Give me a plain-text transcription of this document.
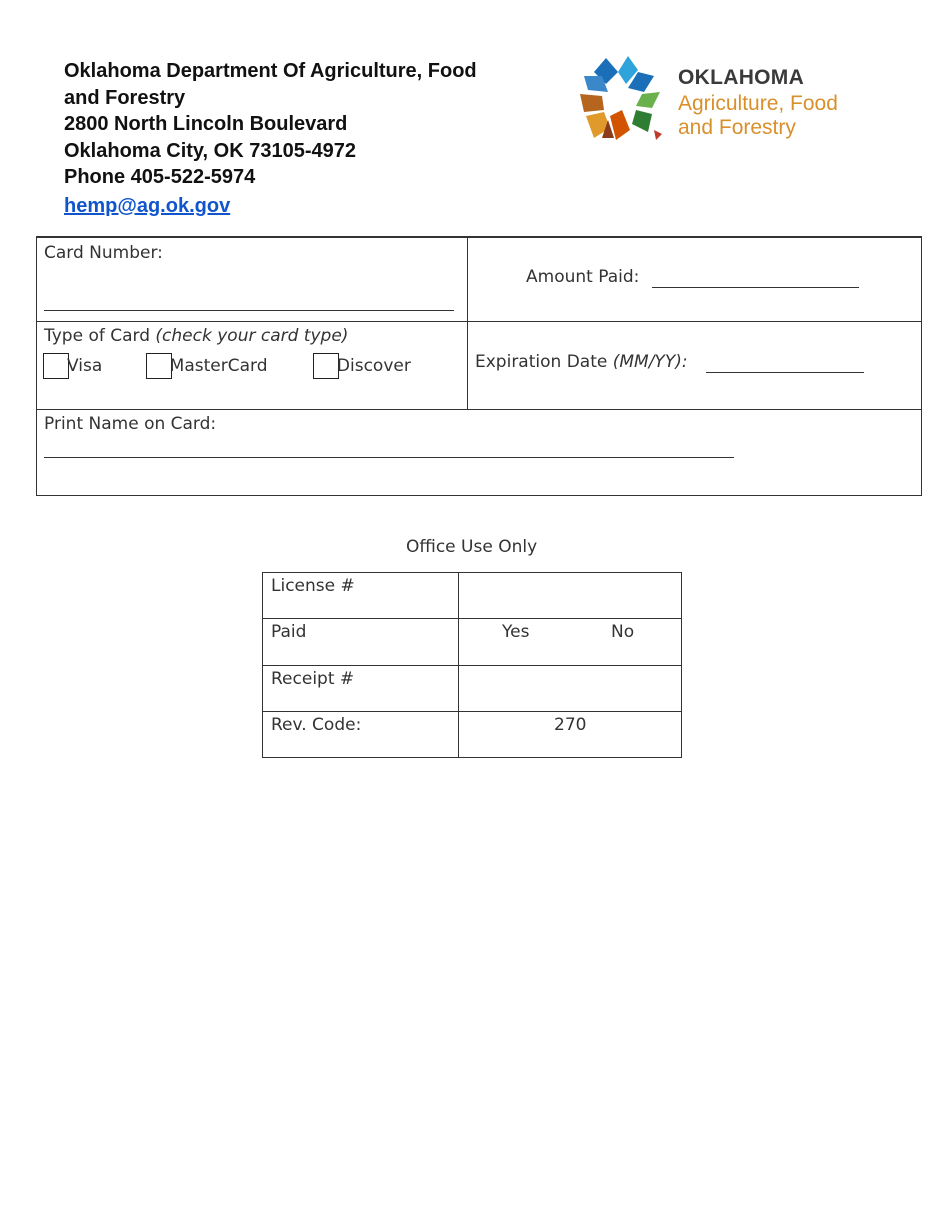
Oklahoma Department Of Agriculture, Food
and Forestry
2800 North Lincoln Boulevard
Oklahoma City, OK 73105-4972
Phone 405-522-5974
hemp@ag.ok.gov
OKLAHOMA
Agriculture, Food
and Forestry
Card Number:
Amount Paid:
Type of Card (check your card type)
Visa	MasterCard	Discover	Expiration Date (MM/YY):
Print Name on Card:
Office Use Only
License #
Paid	Yes	No
Receipt #
Rev. Code:	270
